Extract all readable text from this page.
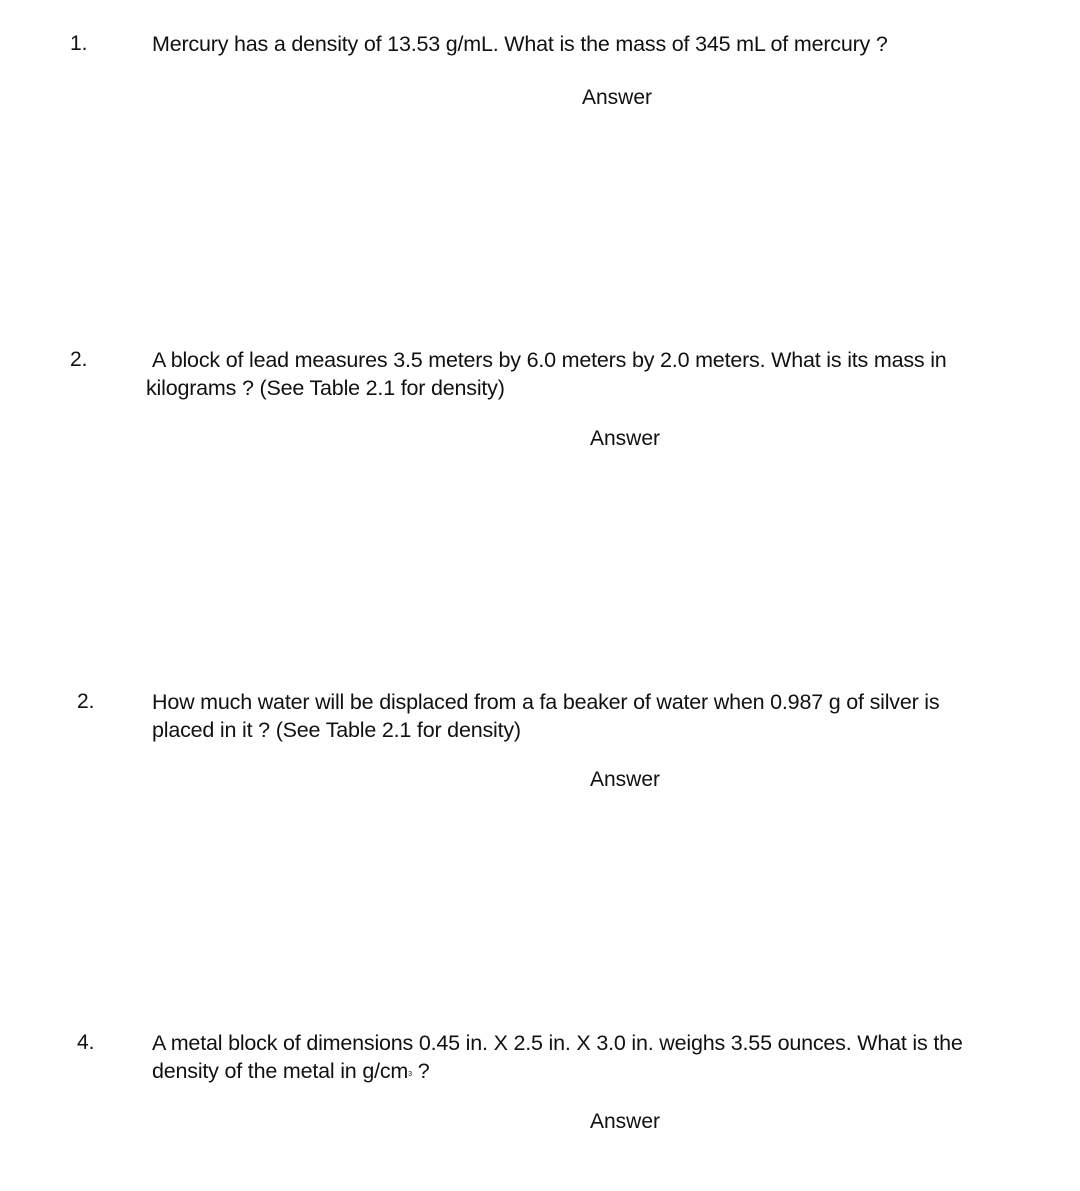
1.	Mercury has a density of 13.53 g/mL. What is the mass of 345 mL of mercury ?
Answer
2.	A block of lead measures 3.5 meters by 6.0 meters by 2.0 meters. What is its mass in
kilograms ? (See Table 2.1 for density)
Answer
2.	How much water will be displaced from a fa beaker of water when 0.987 g of silver is
placed in it ? (See Table 2.1 for density)
Answer
4.	A metal block of dimensions 0.45 in. X 2.5 in. X 3.0 in. weighs 3.55 ounces. What is the
density of the metal in $g/cm^3$ ?
Answer
